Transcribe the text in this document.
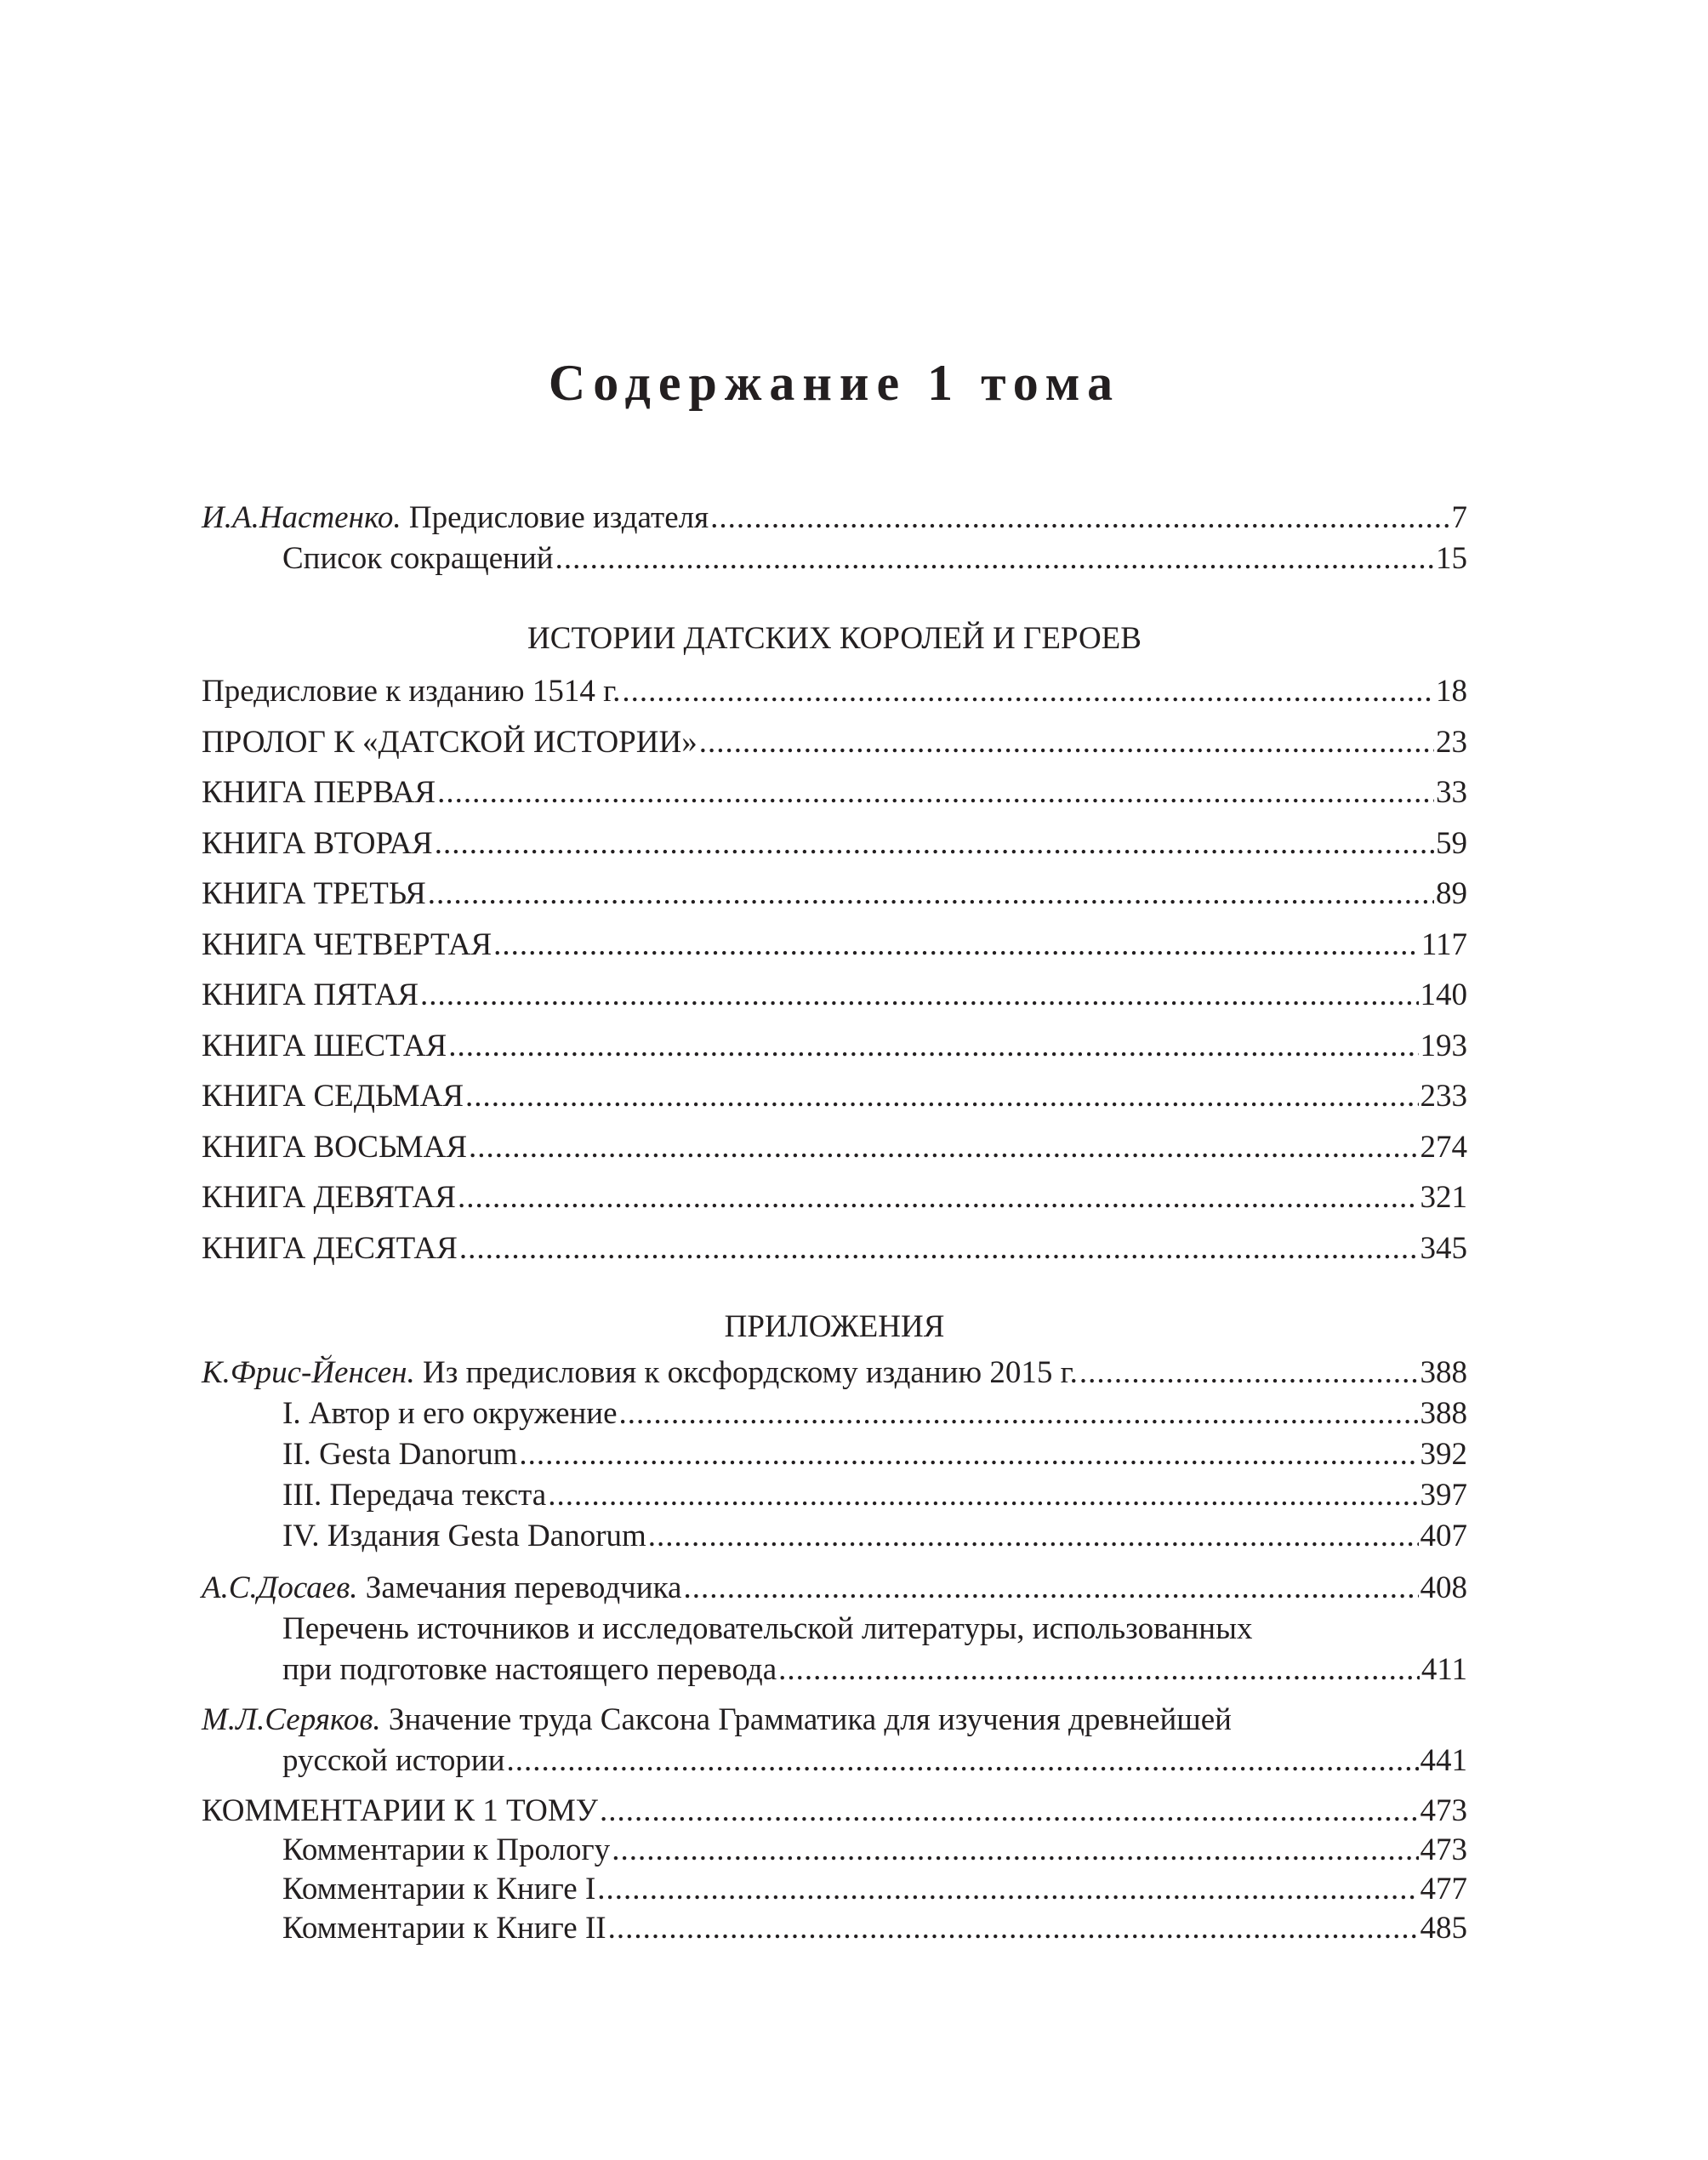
Содержание 1 тома
И.А.Настенко. Предисловие издателя .....	7
Список сокращений .....	15
ИСТОРИИ ДАТСКИХ КОРОЛЕЙ И ГЕРОЕВ
Предисловие к изданию 1514 г. .....	18
ПРОЛОГ К «ДАТСКОЙ ИСТОРИИ» .....	23
КНИГА ПЕРВАЯ .....	33
КНИГА ВТОРАЯ .....	59
КНИГА ТРЕТЬЯ .....	89
КНИГА ЧЕТВЕРТАЯ .....	117
КНИГА ПЯТАЯ .....	140
КНИГА ШЕСТАЯ .....	193
КНИГА СЕДЬМАЯ .....	233
КНИГА ВОСЬМАЯ .....	274
КНИГА ДЕВЯТАЯ .....	321
КНИГА ДЕСЯТАЯ .....	345
ПРИЛОЖЕНИЯ
К.Фрис-Йенсен. Из предисловия к оксфордскому изданию 2015 г. .....	388
I. Автор и его окружение .....	388
II. Gesta Danorum .....	392
III. Передача текста .....	397
IV. Издания Gesta Danorum .....	407
А.С.Досаев. Замечания переводчика .....	408
Перечень источников и исследовательской литературы, использованных
при подготовке настоящего перевода .....	411
М.Л.Серяков. Значение труда Саксона Грамматика для изучения древнейшей
русской истории .....	441
КОММЕНТАРИИ К 1 ТОМУ .....	473
Комментарии к Прологу .....	473
Комментарии к Книге I .....	477
Комментарии к Книге II .....	485
